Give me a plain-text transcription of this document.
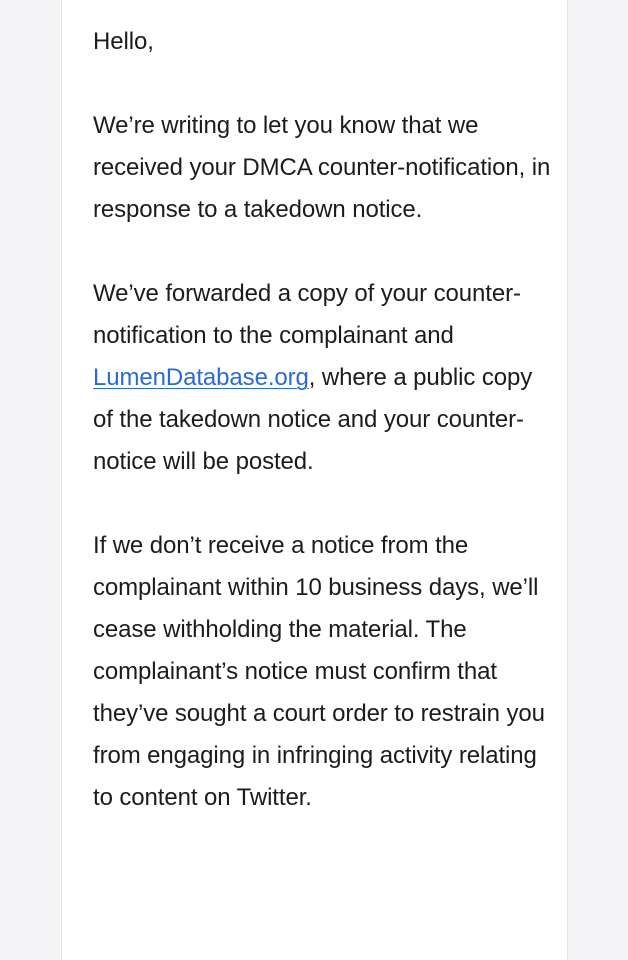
Hello,

We’re writing to let you know that we received your DMCA counter-notification, in response to a takedown notice.

We’ve forwarded a copy of your counter-notification to the complainant and LumenDatabase.org, where a public copy of the takedown notice and your counter-notice will be posted.

If we don’t receive a notice from the complainant within 10 business days, we’ll cease withholding the material. The complainant’s notice must confirm that they’ve sought a court order to restrain you from engaging in infringing activity relating to content on Twitter.
